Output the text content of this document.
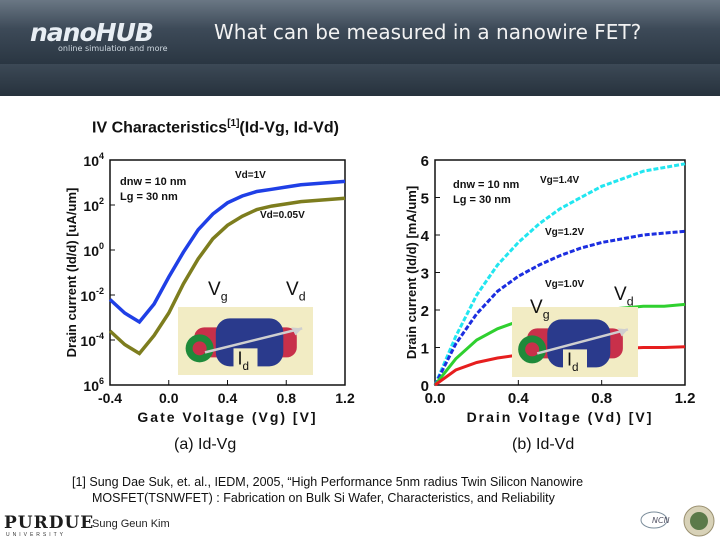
nanoHUB
online simulation and more
What can be measured in a nanowire FET?
IV Characteristics[1](Id-Vg, Id-Vd)
-0.4	0.0	0.4	0.8	1.2
$10^4$
$10^2$
$10^0$
$10^{-2}$
$10^{-4}$
$10^6$
Gate Voltage (Vg) [V]
Drain current (Id/d) [uA/um]
dnw = 10 nm
Lg = 30 nm
Vd=1V
Vd=0.05V
$I_d$
$V_g$	$V_d$
0.0	0.4	0.8	1.2
0
1
2
3
4
5
6
Drain Voltage (Vd) [V]
Drain current (Id/d) [mA/um]
dnw = 10 nm
Lg = 30 nm
Vg=1.4V
Vg=1.2V
Vg=1.0V
$I_d$
$V_g$
$V_d$
(a) Id-Vg	(b) Id-Vd
[1] Sung Dae Suk, et. al., IEDM, 2005, “High Performance 5nm radius Twin Silicon Nanowire
MOSFET(TSNWFET) : Fabrication on Bulk Si Wafer, Characteristics, and Reliability
PURDUE
UNIVERSITY
Sung Geun Kim	NCN
